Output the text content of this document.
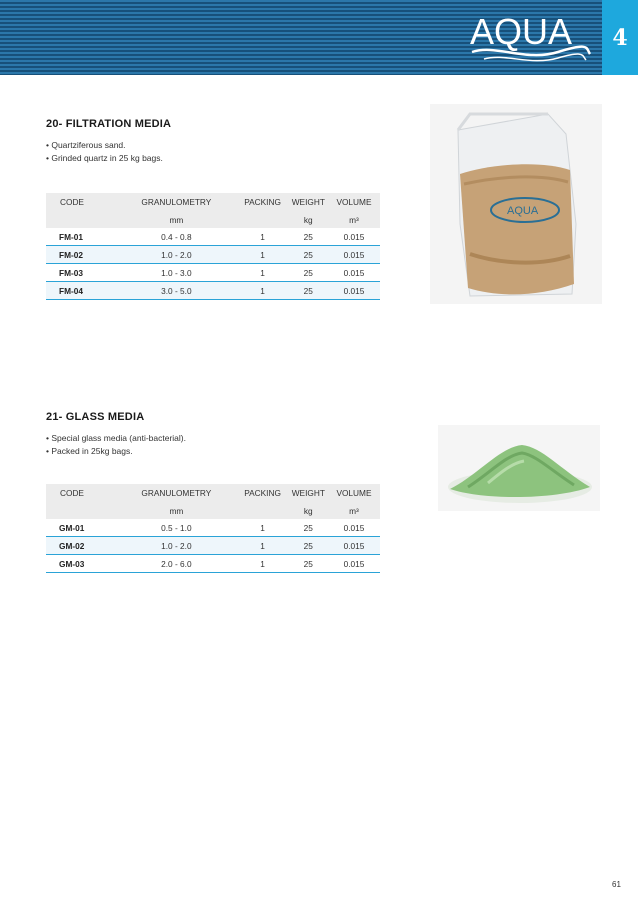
AQUA	4
20- FILTRATION MEDIA
• Quartziferous sand.
• Grinded quartz in 25 kg bags.
CODE	GRANULOMETRY	PACKING	WEIGHT	VOLUME
	mm		kg	m³
FM-01	0.4 - 0.8	1	25	0.015
FM-02	1.0 - 2.0	1	25	0.015
FM-03	1.0 - 3.0	1	25	0.015
FM-04	3.0 - 5.0	1	25	0.015
AQUA
21- GLASS MEDIA
• Special glass media (anti-bacterial).
• Packed in 25kg bags.
CODE	GRANULOMETRY	PACKING	WEIGHT	VOLUME
	mm		kg	m³
GM-01	0.5 - 1.0	1	25	0.015
GM-02	1.0 - 2.0	1	25	0.015
GM-03	2.0 - 6.0	1	25	0.015
61
